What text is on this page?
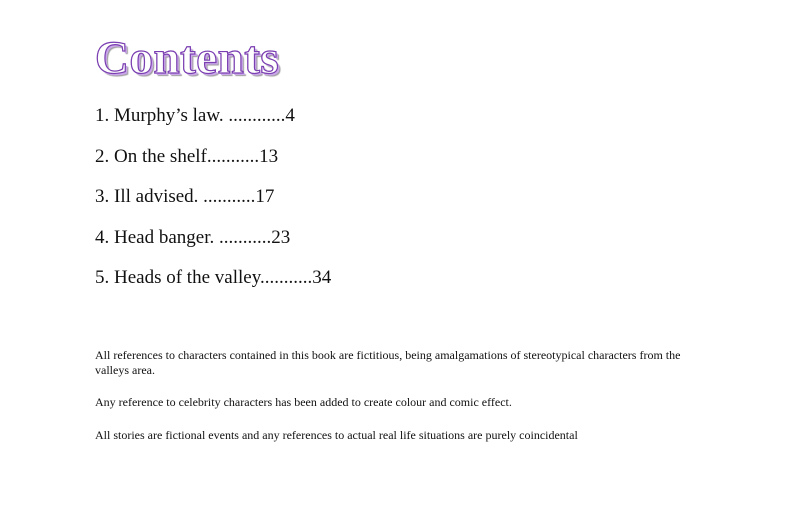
Contents
1. Murphy’s law. ............4
2. On the shelf...........13
3. Ill advised. ...........17
4. Head banger. ...........23
5. Heads of the valley...........34

All references to characters contained in this book are fictitious, being amalgamations of stereotypical characters from the valleys area.

Any reference to celebrity characters has been added to create colour and comic effect.

All stories are fictional events and any references to actual real life situations are purely coincidental
